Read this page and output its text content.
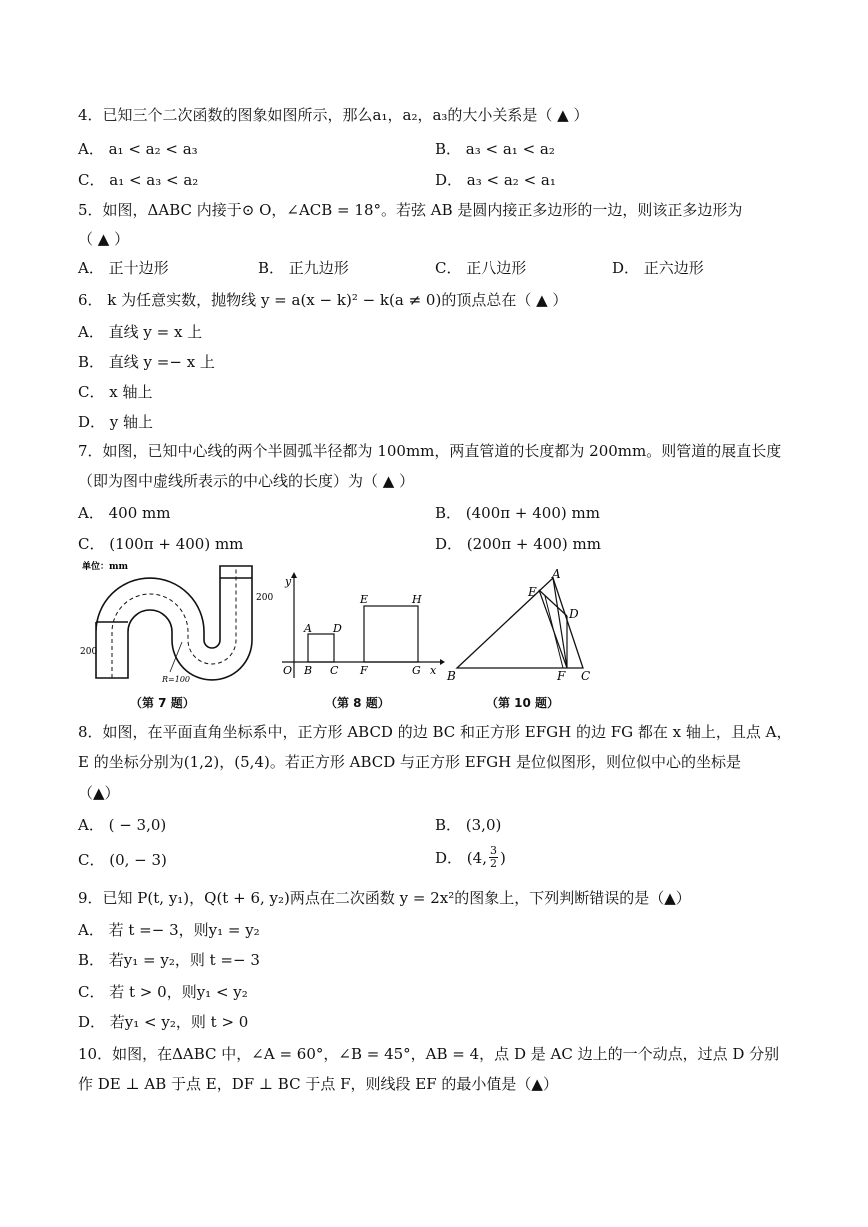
4．已知三个二次函数的图象如图所示，那么a₁，a₂，a₃的大小关系是（ ▲ ）
A． a₁ < a₂ < a₃	B． a₃ < a₁ < a₂
C． a₁ < a₃ < a₂	D． a₃ < a₂ < a₁
5．如图，ΔABC 内接于⊙ O，∠ACB = 18°。若弦 AB 是圆内接正多边形的一边，则该正多边形为
（ ▲ ）
A． 正十边形	B． 正九边形	C． 正八边形	D． 正六边形
6． k 为任意实数，抛物线 y = a(x − k)² − k(a ≠ 0)的顶点总在（ ▲ ）
A． 直线 y = x 上
B． 直线 y =− x 上
C． x 轴上
D． y 轴上
7．如图，已知中心线的两个半圆弧半径都为 100mm，两直管道的长度都为 200mm。则管道的展直长度
（即为图中虚线所表示的中心线的长度）为（ ▲ ）
A． 400 mm	B． (400π + 400) mm
C． (100π + 400) mm	D． (200π + 400) mm
单位：mm
200
200
R=100
（第 7 题）
y
A D
E	H
O B C F	G x
（第 8 题）
A
E
D
B	F C
（第 10 题）
8．如图，在平面直角坐标系中，正方形 ABCD 的边 BC 和正方形 EFGH 的边 FG 都在 x 轴上，且点 A，
E 的坐标分别为(1,2)，(5,4)。若正方形 ABCD 与正方形 EFGH 是位似图形，则位似中心的坐标是
（▲）
A． ( − 3,0)	B． (3,0)
C． (0, − 3)	D． (4, $\frac{3}{2}$ )
9．已知 P(t, y₁)，Q(t + 6, y₂)两点在二次函数 y = 2x²的图象上，下列判断错误的是（▲）
A． 若 t =− 3，则y₁ = y₂
B． 若y₁ = y₂，则 t =− 3
C． 若 t > 0，则y₁ < y₂
D． 若y₁ < y₂，则 t > 0
10．如图，在ΔABC 中，∠A = 60°，∠B = 45°，AB = 4，点 D 是 AC 边上的一个动点，过点 D 分别
作 DE ⊥ AB 于点 E，DF ⊥ BC 于点 F，则线段 EF 的最小值是（▲）
